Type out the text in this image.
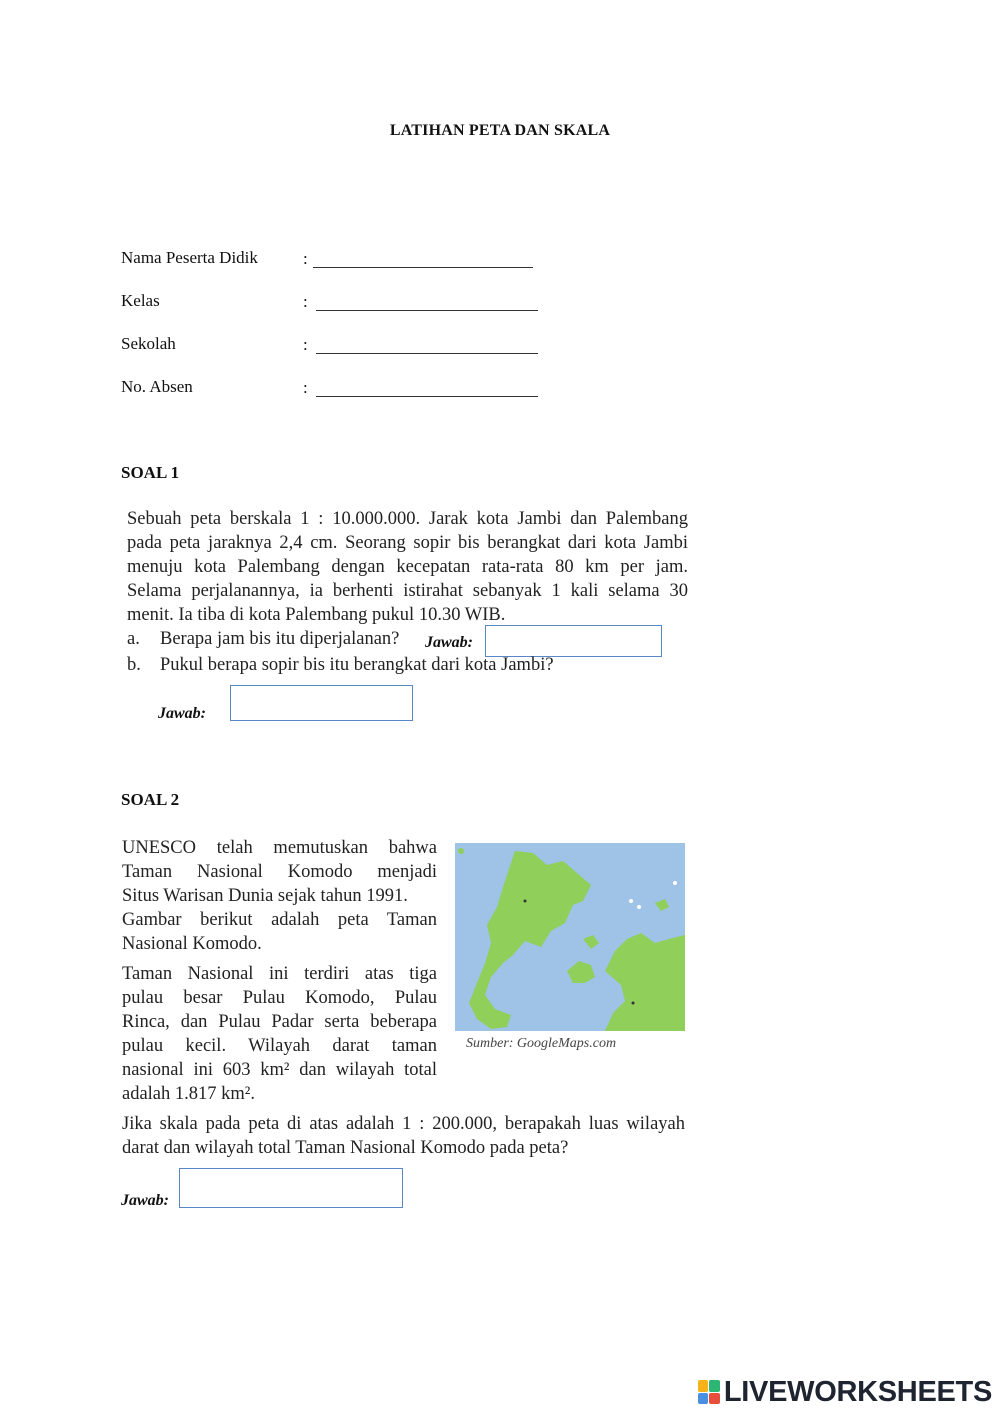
LATIHAN PETA DAN SKALA
Nama Peserta Didik	:
Kelas	:
Sekolah	:
No. Absen	:
SOAL 1
Sebuah peta berskala 1 : 10.000.000. Jarak kota Jambi dan Palembang
pada peta jaraknya 2,4 cm. Seorang sopir bis berangkat dari kota Jambi
menuju kota Palembang dengan kecepatan rata-rata 80 km per jam.
Selama perjalanannya, ia berhenti istirahat sebanyak 1 kali selama 30
menit. Ia tiba di kota Palembang pukul 10.30 WIB.
a. Berapa jam bis itu diperjalanan? Jawab:
b. Pukul berapa sopir bis itu berangkat dari kota Jambi?
Jawab:
SOAL 2
UNESCO telah memutuskan bahwa
Taman Nasional Komodo menjadi
Situs Warisan Dunia sejak tahun 1991.
Gambar berikut adalah peta Taman
Nasional Komodo.
Taman Nasional ini terdiri atas tiga
pulau besar Pulau Komodo, Pulau
Rinca, dan Pulau Padar serta beberapa
pulau kecil. Wilayah darat taman
nasional ini 603 km² dan wilayah total
adalah 1.817 km².
Sumber: GoogleMaps.com
Jika skala pada peta di atas adalah 1 : 200.000, berapakah luas wilayah
darat dan wilayah total Taman Nasional Komodo pada peta?
Jawab:
LIVEWORKSHEETS
